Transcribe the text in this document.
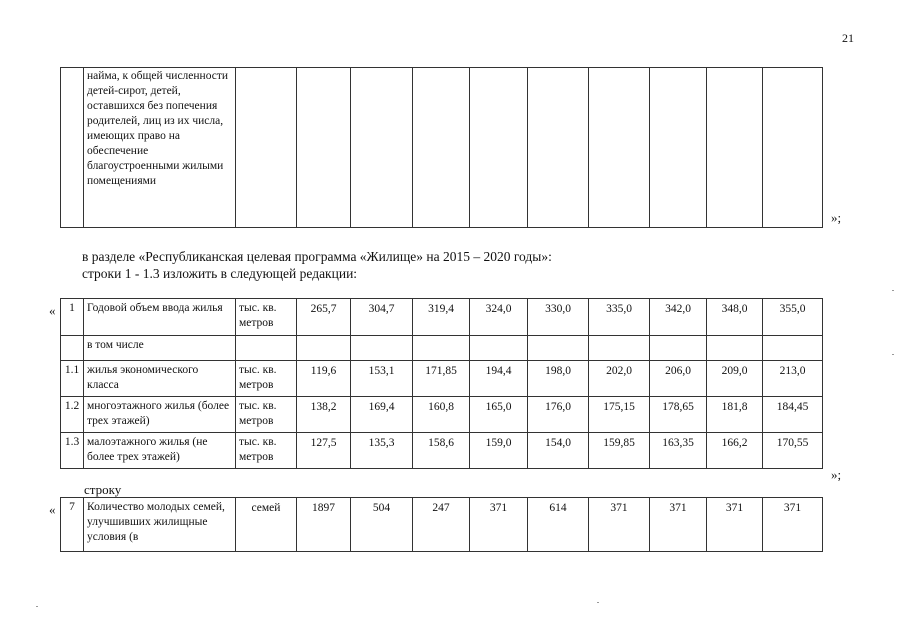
21
	найма, к общей численности детей-сирот, детей, оставшихся без попечения родителей, лиц из их числа, имеющих право на обеспечение благоустроенными жилыми помещениями										
»;
в разделе «Республиканская целевая программа «Жилище» на 2015 – 2020 годы»:
строки 1 - 1.3 изложить в следующей редакции:
« 1	Годовой объем ввода жилья	тыс. кв. метров	265,7	304,7	319,4	324,0	330,0	335,0	342,0	348,0	355,0
	в том числе										
1.1	жилья экономического класса	тыс. кв. метров	119,6	153,1	171,85	194,4	198,0	202,0	206,0	209,0	213,0
1.2	многоэтажного жилья (более трех этажей)	тыс. кв. метров	138,2	169,4	160,8	165,0	176,0	175,15	178,65	181,8	184,45
1.3	малоэтажного жилья (не более трех этажей)	тыс. кв. метров	127,5	135,3	158,6	159,0	154,0	159,85	163,35	166,2	170,55
»;
строку
« 7	Количество молодых семей, улучшивших жилищные условия (в	семей	1897	504	247	371	614	371	371	371	371
